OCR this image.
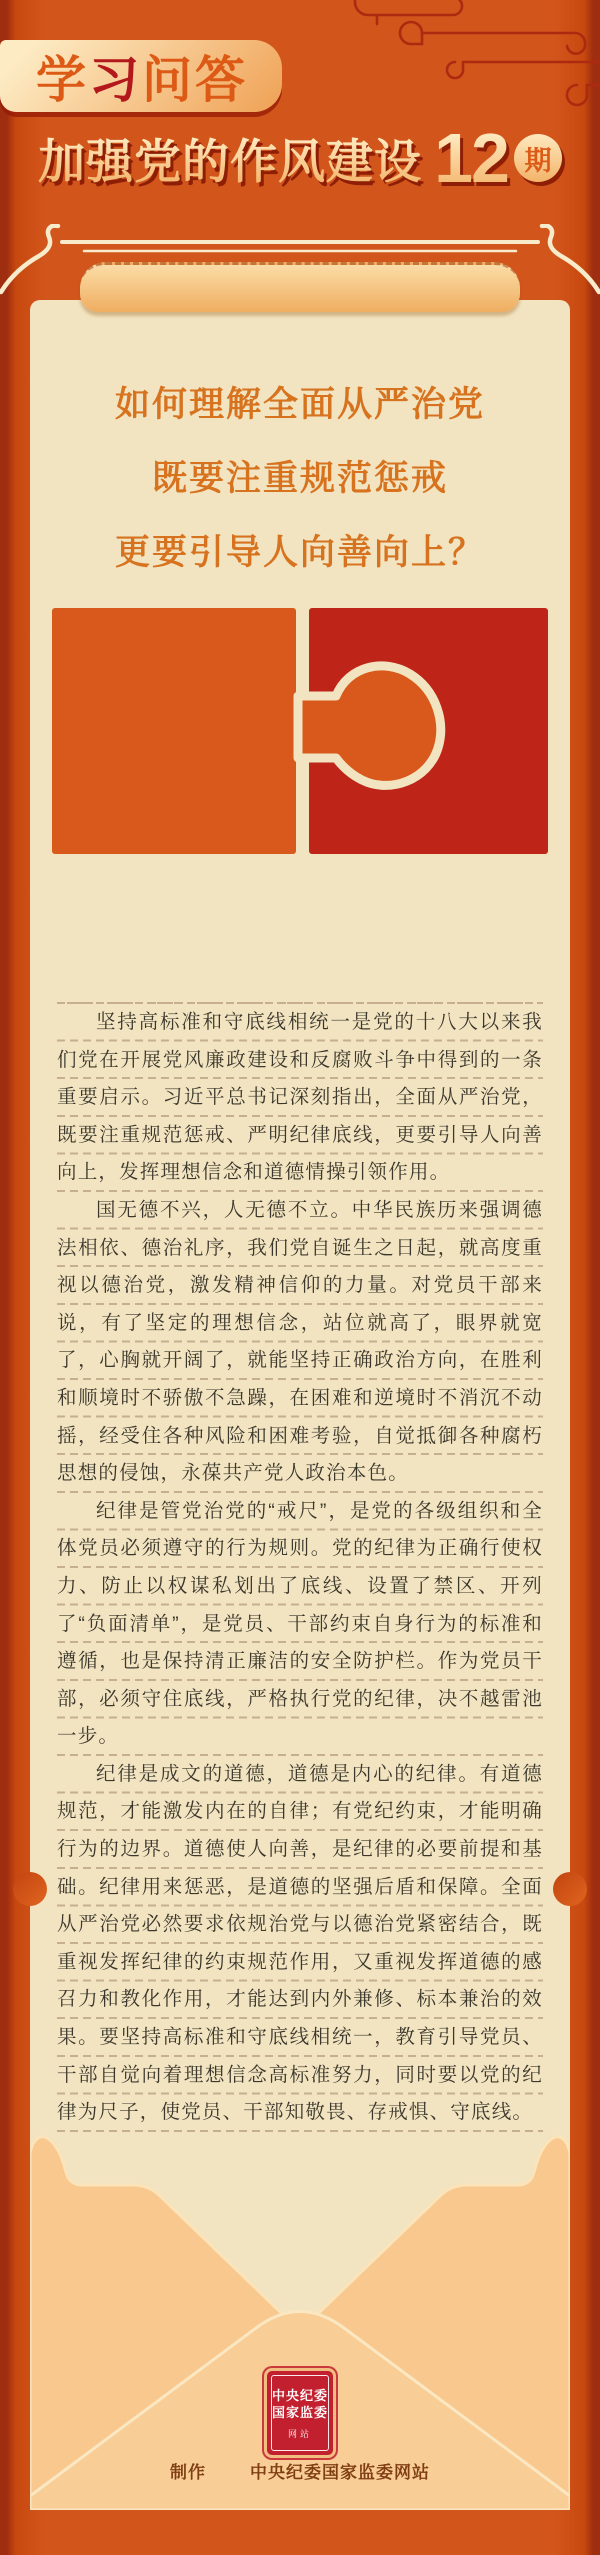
学 习 问答
加强党的作风建设 12 期
如何理解全面从严治党
既要注重规范惩戒
更要引导人向善向上？

坚持高标准和守底线相统一是党的十八大以来我们党在开展党风廉政建设和反腐败斗争中得到的一条重要启示。习近平总书记深刻指出，全面从严治党，既要注重规范惩戒、严明纪律底线，更要引导人向善向上，发挥理想信念和道德情操引领作用。

国无德不兴，人无德不立。中华民族历来强调德法相依、德治礼序，我们党自诞生之日起，就高度重视以德治党，激发精神信仰的力量。对党员干部来说，有了坚定的理想信念，站位就高了，眼界就宽了，心胸就开阔了，就能坚持正确政治方向，在胜利和顺境时不骄傲不急躁，在困难和逆境时不消沉不动摇，经受住各种风险和困难考验，自觉抵御各种腐朽思想的侵蚀，永葆共产党人政治本色。

纪律是管党治党的“戒尺”，是党的各级组织和全体党员必须遵守的行为规则。党的纪律为正确行使权力、防止以权谋私划出了底线、设置了禁区、开列了“负面清单”，是党员、干部约束自身行为的标准和遵循，也是保持清正廉洁的安全防护栏。作为党员干部，必须守住底线，严格执行党的纪律，决不越雷池一步。

纪律是成文的道德，道德是内心的纪律。有道德规范，才能激发内在的自律；有党纪约束，才能明确行为的边界。道德使人向善，是纪律的必要前提和基础。纪律用来惩恶，是道德的坚强后盾和保障。全面从严治党必然要求依规治党与以德治党紧密结合，既重视发挥纪律的约束规范作用，又重视发挥道德的感召力和教化作用，才能达到内外兼修、标本兼治的效果。要坚持高标准和守底线相统一，教育引导党员、干部自觉向着理想信念高标准努力，同时要以党的纪律为尺子，使党员、干部知敬畏、存戒惧、守底线。

中央纪委
国家监委
网站
制作	中央纪委国家监委网站
